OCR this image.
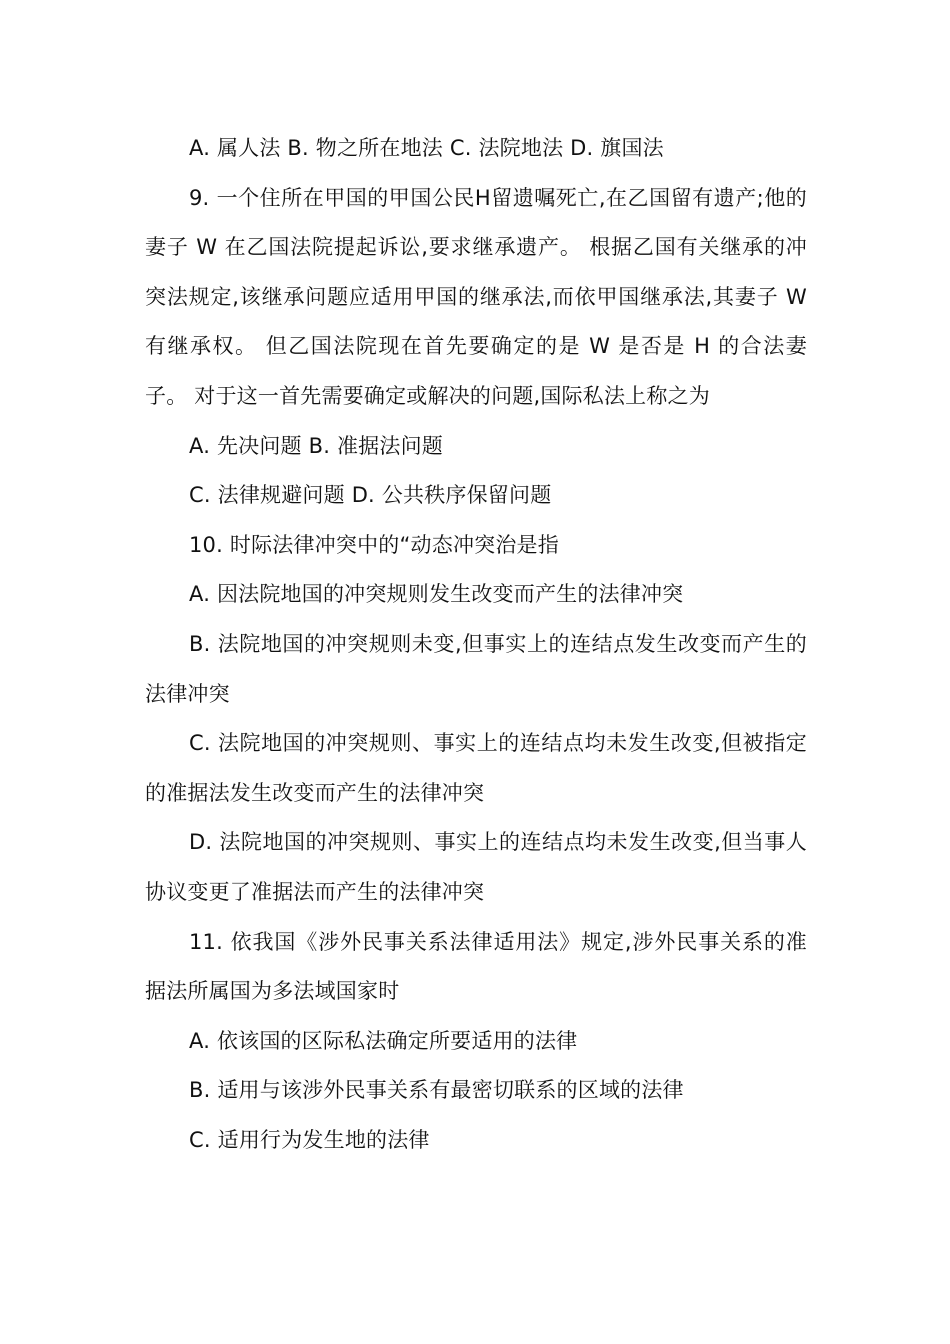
A. 属人法 B. 物之所在地法 C. 法院地法 D. 旗国法

9. 一个住所在甲国的甲国公民H留遗嘱死亡,在乙国留有遗产;他的妻子 W 在乙国法院提起诉讼,要求继承遗产。 根据乙国有关继承的冲突法规定,该继承问题应适用甲国的继承法,而依甲国继承法,其妻子 W 有继承权。 但乙国法院现在首先要确定的是 W 是否是 H 的合法妻子。 对于这一首先需要确定或解决的问题,国际私法上称之为

A. 先决问题 B. 准据法问题

C. 法律规避问题 D. 公共秩序保留问题

10. 时际法律冲突中的“动态冲突治是指

A. 因法院地国的冲突规则发生改变而产生的法律冲突

B. 法院地国的冲突规则未变,但事实上的连结点发生改变而产生的法律冲突

C. 法院地国的冲突规则、事实上的连结点均未发生改变,但被指定的准据法发生改变而产生的法律冲突

D. 法院地国的冲突规则、事实上的连结点均未发生改变,但当事人协议变更了准据法而产生的法律冲突

11. 依我国《涉外民事关系法律适用法》规定,涉外民事关系的准据法所属国为多法域国家时

A. 依该国的区际私法确定所要适用的法律

B. 适用与该涉外民事关系有最密切联系的区域的法律

C. 适用行为发生地的法律
